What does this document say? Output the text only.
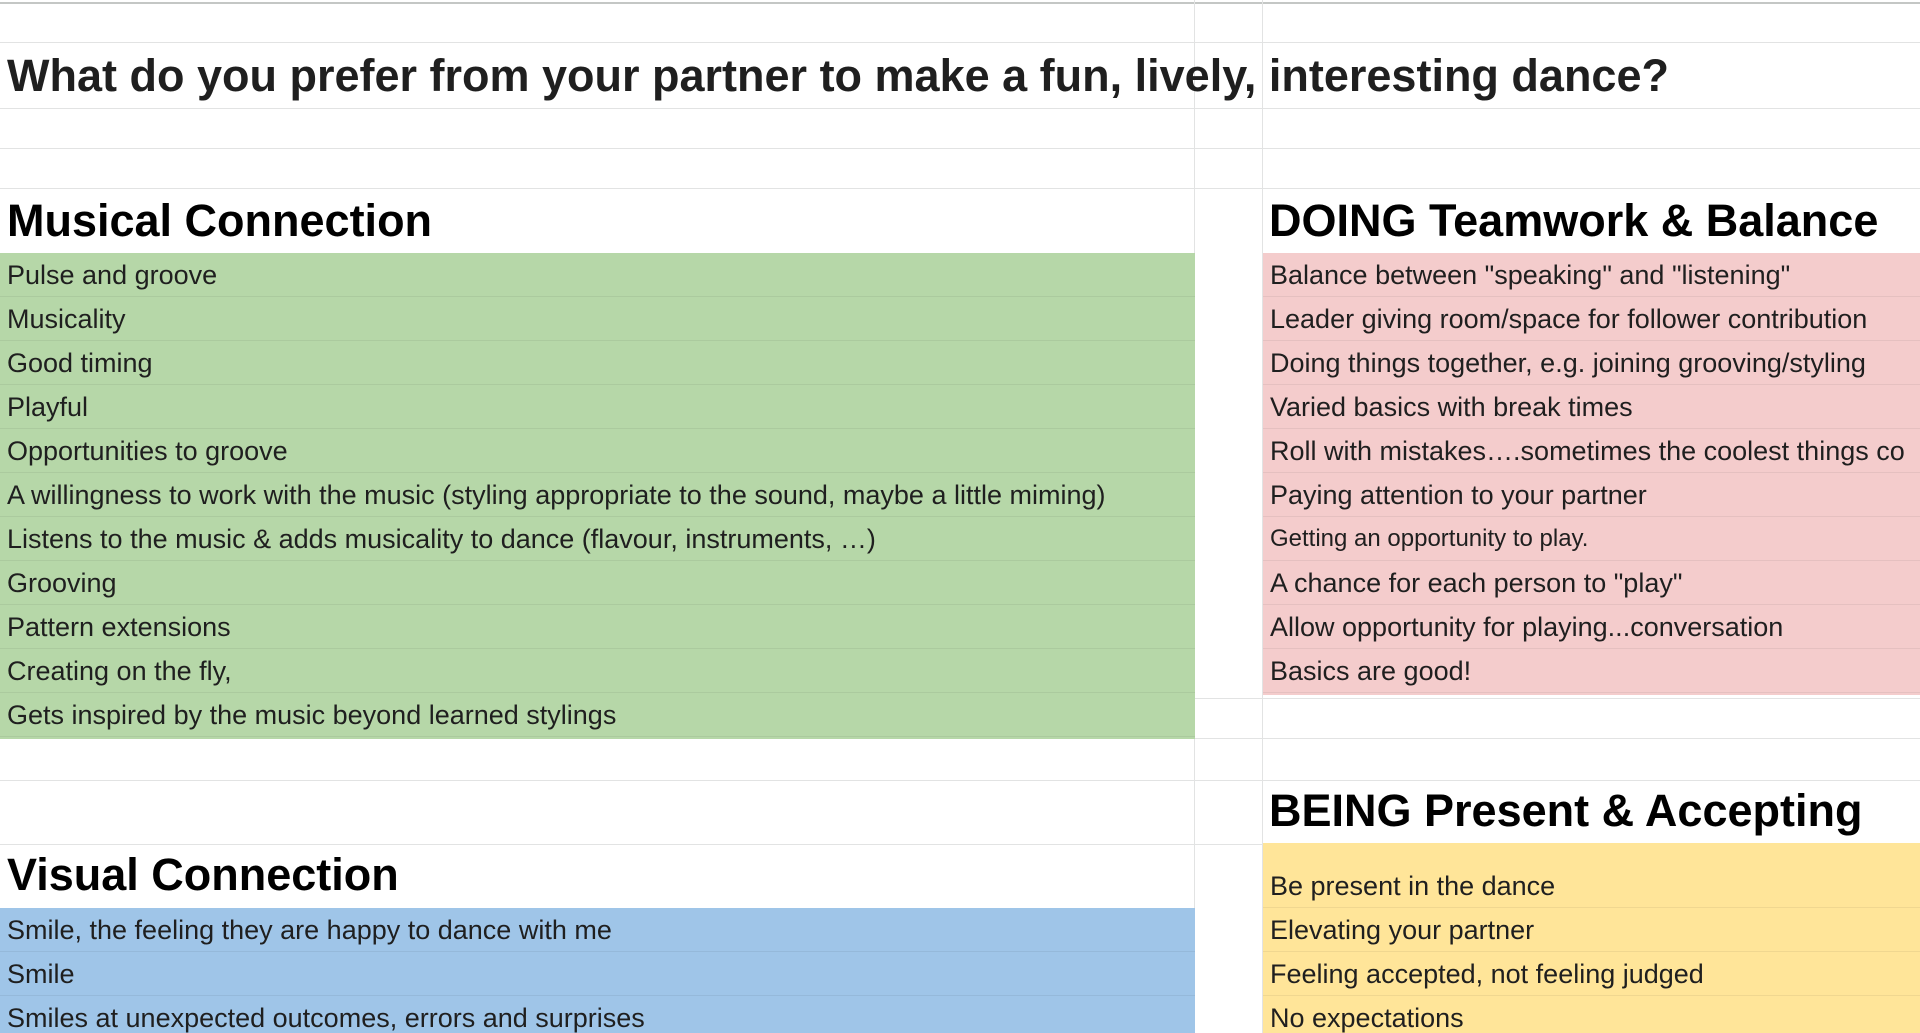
What do you prefer from your partner to make a fun, lively, interesting dance?
Musical Connection
Pulse and groove
Musicality
Good timing
Playful
Opportunities to groove
A willingness to work with the music (styling appropriate to the sound, maybe a little miming)
Listens to the music & adds musicality to dance (flavour, instruments, …)
Grooving
Pattern extensions
Creating on the fly,
Gets inspired by the music beyond learned stylings
Visual Connection
Smile, the feeling they are happy to dance with me
Smile
Smiles at unexpected outcomes, errors and surprises
DOING Teamwork & Balance
Balance between "speaking" and "listening"
Leader giving room/space for follower contribution
Doing things together, e.g. joining grooving/styling
Varied basics with break times
Roll with mistakes….sometimes the coolest things co
Paying attention to your partner
Getting an opportunity to play.
A chance for each person to "play"
Allow opportunity for playing...conversation
Basics are good!
BEING Present & Accepting
Be present in the dance
Elevating your partner
Feeling accepted, not feeling judged
No expectations
